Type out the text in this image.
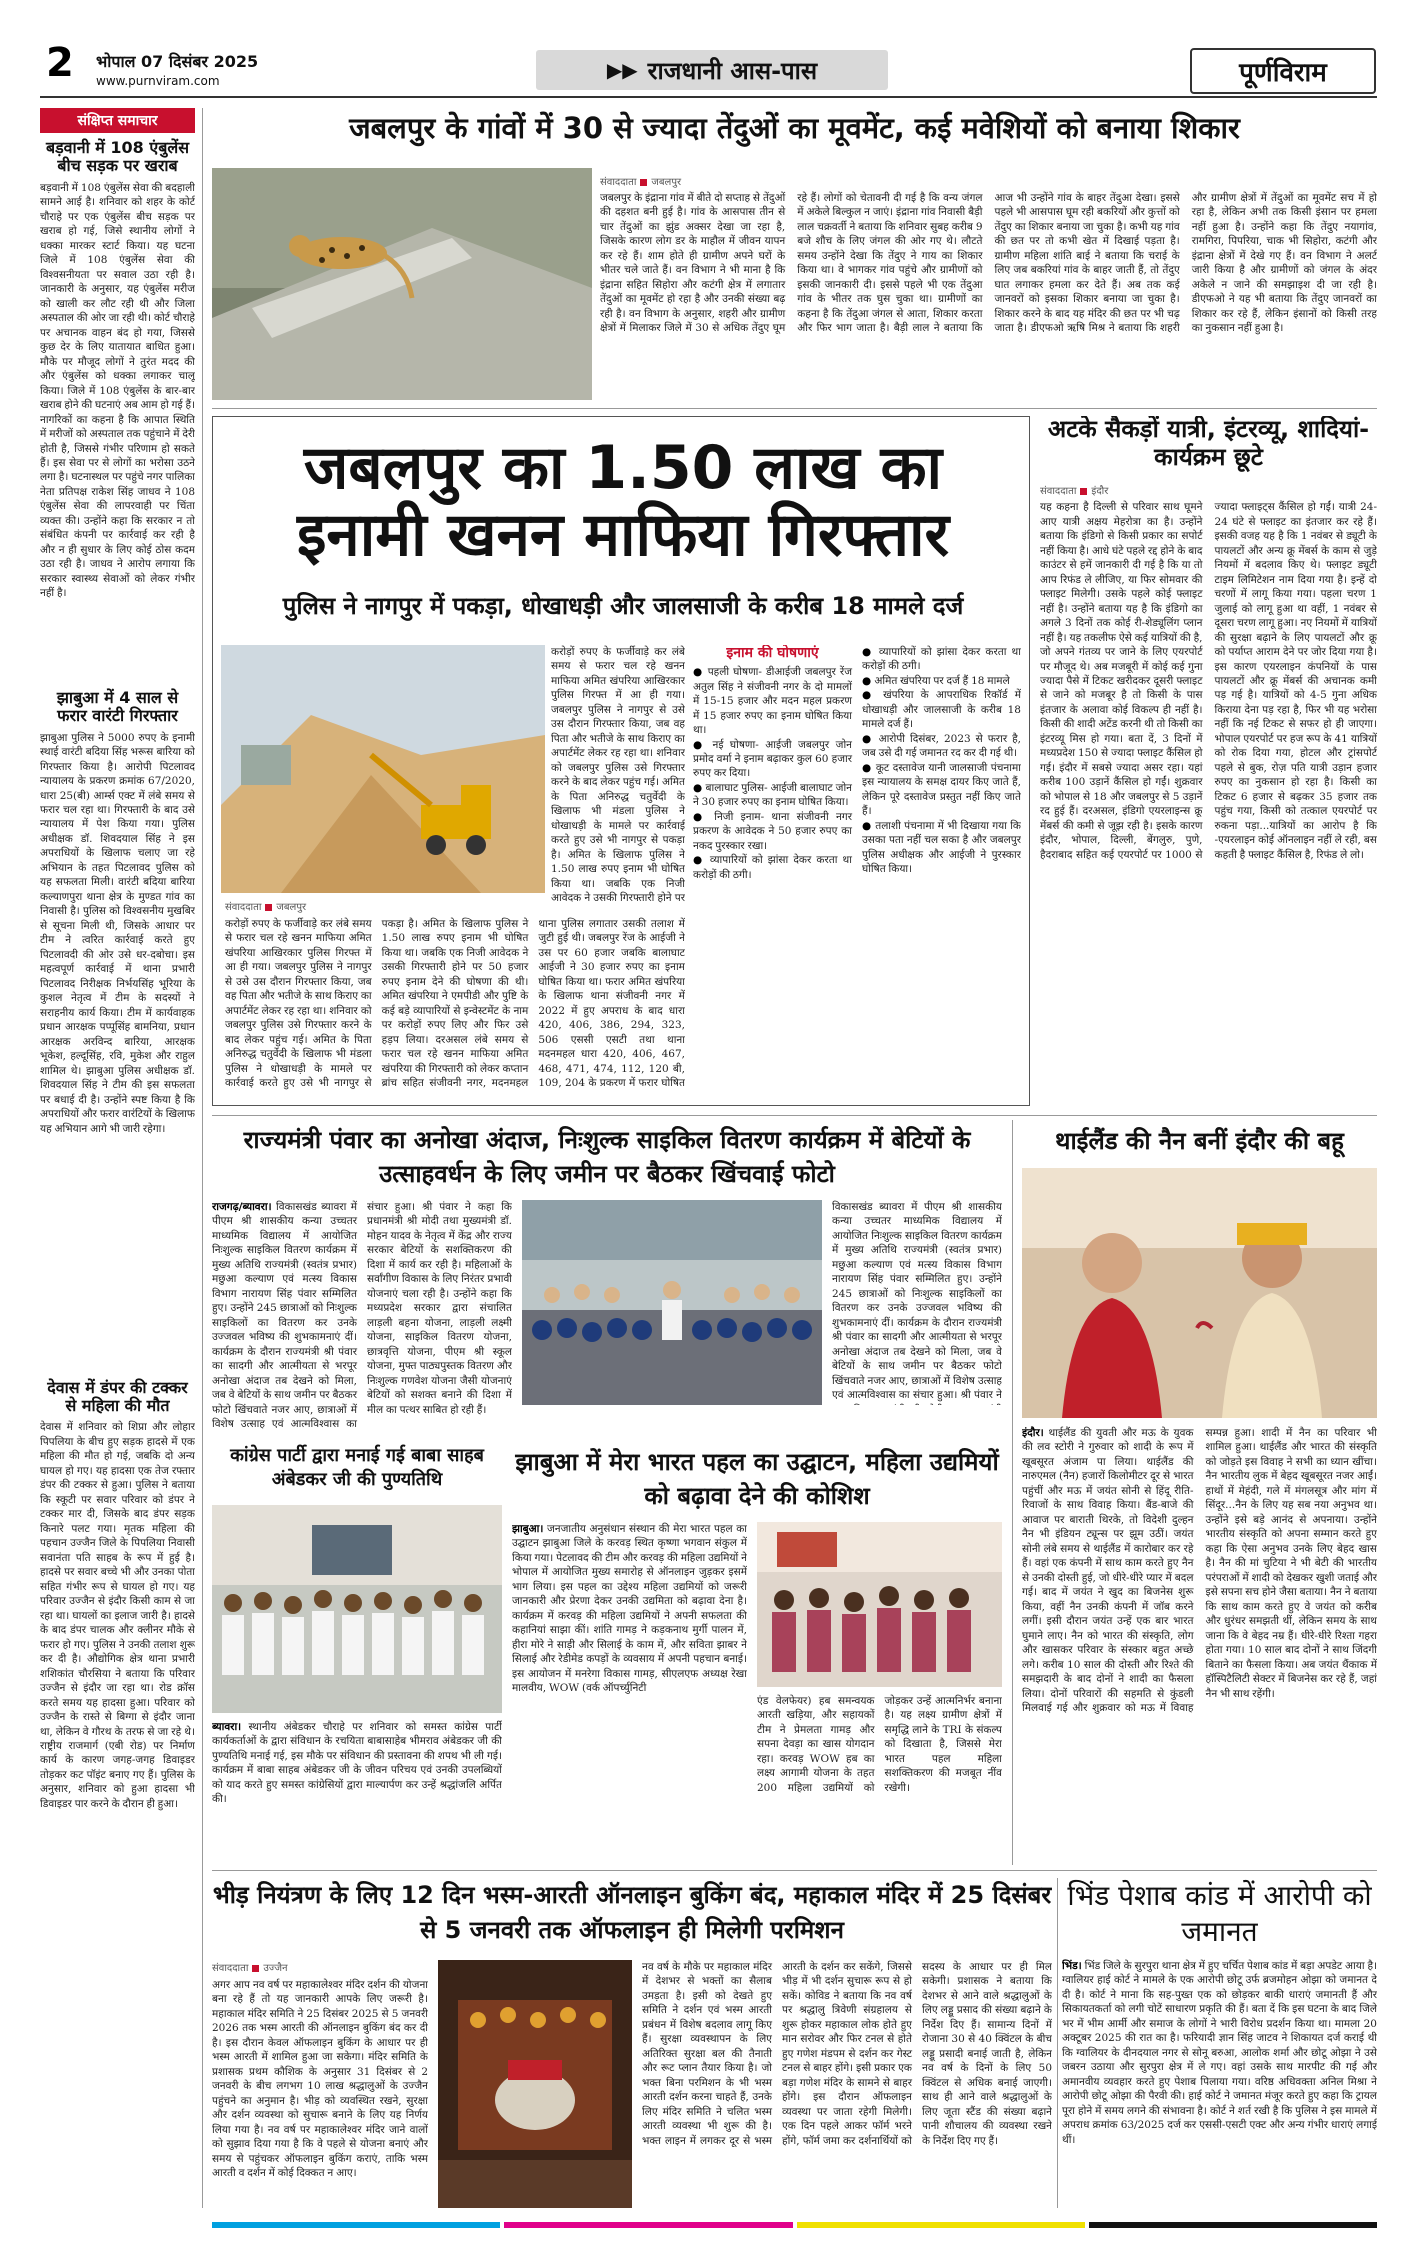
2 भोपाल 07 दिसंबर 2025
www.purnviram.com	▶▶ राजधानी आस-पास	पूर्णविराम
संक्षिप्त समाचार
बड़वानी में 108 एंबुलेंस बीच सड़क पर खराब
बड़वानी में 108 एंबुलेंस सेवा की बदहाली सामने आई है। शनिवार को शहर के कोर्ट चौराहे पर एक एंबुलेंस बीच सड़क पर खराब हो गई, जिसे स्थानीय लोगों ने धक्का मारकर स्टार्ट किया। यह घटना जिले में 108 एंबुलेंस सेवा की विश्वसनीयता पर सवाल उठा रही है। जानकारी के अनुसार, यह एंबुलेंस मरीज को खाली कर लौट रही थी और जिला अस्पताल की ओर जा रही थी। कोर्ट चौराहे पर अचानक वाहन बंद हो गया, जिससे कुछ देर के लिए यातायात बाधित हुआ। मौके पर मौजूद लोगों ने तुरंत मदद की और एंबुलेंस को धक्का लगाकर चालू किया। जिले में 108 एंबुलेंस के बार-बार खराब होने की घटनाएं अब आम हो गई हैं। नागरिकों का कहना है कि आपात स्थिति में मरीजों को अस्पताल तक पहुंचाने में देरी होती है, जिससे गंभीर परिणाम हो सकते हैं। इस सेवा पर से लोगों का भरोसा उठने लगा है। घटनास्थल पर पहुंचे नगर पालिका नेता प्रतिपक्ष राकेश सिंह जाधव ने 108 एंबुलेंस सेवा की लापरवाही पर चिंता व्यक्त की। उन्होंने कहा कि सरकार न तो संबंधित कंपनी पर कार्रवाई कर रही है और न ही सुधार के लिए कोई ठोस कदम उठा रही है। जाधव ने आरोप लगाया कि सरकार स्वास्थ्य सेवाओं को लेकर गंभीर नहीं है।
झाबुआ में 4 साल से फरार वारंटी गिरफ्तार
झाबुआ पुलिस ने 5000 रुपए के इनामी स्थाई वारंटी बदिया सिंह भरूस बारिया को गिरफ्तार किया है। आरोपी पिटलावद न्यायालय के प्रकरण क्रमांक 67/2020, धारा 25(बी) आर्म्स एक्ट में लंबे समय से फरार चल रहा था। गिरफ्तारी के बाद उसे न्यायालय में पेश किया गया। पुलिस अधीक्षक डॉ. शिवदयाल सिंह ने इस अपराधियों के खिलाफ चलाए जा रहे अभियान के तहत पिटलावद पुलिस को यह सफलता मिली। वारंटी बदिया बारिया कल्याणपुरा थाना क्षेत्र के मुण्डत गांव का निवासी है। पुलिस को विश्वसनीय मुखबिर से सूचना मिली थी, जिसके आधार पर टीम ने त्वरित कार्रवाई करते हुए पिटलावदी की ओर उसे धर-दबोचा। इस महत्वपूर्ण कार्रवाई में थाना प्रभारी पिटलावद निरीक्षक निर्भयसिंह भूरिया के कुशल नेतृत्व में टीम के सदस्यों ने सराहनीय कार्य किया। टीम में कार्यवाहक प्रधान आरक्षक पप्पूसिंह बामनिया, प्रधान आरक्षक अरविन्द बारिया, आरक्षक भूकेश, हल्दूसिंह, रवि, मुकेश और राहुल शामिल थे। झाबुआ पुलिस अधीक्षक डॉ. शिवदयाल सिंह ने टीम की इस सफलता पर बधाई दी है। उन्होंने स्पष्ट किया है कि अपराधियों और फरार वारंटियों के खिलाफ यह अभियान आगे भी जारी रहेगा।
देवास में डंपर की टक्कर से महिला की मौत
देवास में शनिवार को शिप्रा और लोहार पिपलिया के बीच हुए सड़क हादसे में एक महिला की मौत हो गई, जबकि दो अन्य घायल हो गए। यह हादसा एक तेज रफ्तार डंपर की टक्कर से हुआ। पुलिस ने बताया कि स्कूटी पर सवार परिवार को डंपर ने टक्कर मार दी, जिसके बाद डंपर सड़क किनारे पलट गया। मृतक महिला की पहचान उज्जैन जिले के पिपलिया निवासी सवानंता पति साहब के रूप में हुई है। हादसे पर सवार बच्चे भी और उनका पोता सहित गंभीर रूप से घायल हो गए। यह परिवार उज्जैन से इंदौर किसी काम से जा रहा था। घायलों का इलाज जारी है। हादसे के बाद डंपर चालक और क्लीनर मौके से फरार हो गए। पुलिस ने उनकी तलाश शुरू कर दी है। औद्योगिक क्षेत्र थाना प्रभारी शशिकांत चौरसिया ने बताया कि परिवार उज्जैन से इंदौर जा रहा था। रोड क्रॉस करते समय यह हादसा हुआ। परिवार को उज्जैन के रास्ते से बिग्गा से इंदौर जाना था, लेकिन वे गौरथ के तरफ से जा रहे थे। राष्ट्रीय राजमार्ग (एबी रोड) पर निर्माण कार्य के कारण जगह-जगह डिवाइडर तोड़कर कट पॉइंट बनाए गए हैं। पुलिस के अनुसार, शनिवार को हुआ हादसा भी डिवाइडर पार करने के दौरान ही हुआ।
जबलपुर के गांवों में 30 से ज्यादा तेंदुओं का मूवमेंट, कई मवेशियों को बनाया शिकार
संवाददाता जबलपुर
जबलपुर के इंद्राना गांव में बीते दो सप्ताह से तेंदुओं की दहशत बनी हुई है। गांव के आसपास तीन से चार तेंदुओं का झुंड अक्सर देखा जा रहा है, जिसके कारण लोग डर के माहौल में जीवन यापन कर रहे हैं। शाम होते ही ग्रामीण अपने घरों के भीतर चले जाते हैं। वन विभाग ने भी माना है कि इंद्राना सहित सिहोरा और कटंगी क्षेत्र में लगातार तेंदुओं का मूवमेंट हो रहा है और उनकी संख्या बढ़ रही है। वन विभाग के अनुसार, शहरी और ग्रामीण क्षेत्रों में मिलाकर जिले में 30 से अधिक तेंदुए घूम रहे हैं। लोगों को चेतावनी दी गई है कि वन्य जंगल में अकेले बिल्कुल न जाएं। इंद्राना गांव निवासी बैड़ी लाल चक्रवर्ती ने बताया कि शनिवार सुबह करीब 9 बजे शौच के लिए जंगल की ओर गए थे। लौटते समय उन्होंने देखा कि तेंदुए ने गाय का शिकार किया था। वे भागकर गांव पहुंचे और ग्रामीणों को इसकी जानकारी दी। इससे पहले भी एक तेंदुआ गांव के भीतर तक घुस चुका था। ग्रामीणों का कहना है कि तेंदुआ जंगल से आता, शिकार करता और फिर भाग जाता है। बैड़ी लाल ने बताया कि आज भी उन्होंने गांव के बाहर तेंदुआ देखा। इससे पहले भी आसपास घूम रही बकरियों और कुत्तों को तेंदुए का शिकार बनाया जा चुका है। कभी यह गांव की छत पर तो कभी खेत में दिखाई पड़ता है। ग्रामीण महिला शांति बाई ने बताया कि चराई के लिए जब बकरियां गांव के बाहर जाती हैं, तो तेंदुए घात लगाकर हमला कर देते हैं। अब तक कई जानवरों को इसका शिकार बनाया जा चुका है। शिकार करने के बाद यह मंदिर की छत पर भी चढ़ जाता है। डीएफओ ऋषि मिश्र ने बताया कि शहरी और ग्रामीण क्षेत्रों में तेंदुओं का मूवमेंट सच में हो रहा है, लेकिन अभी तक किसी इंसान पर हमला नहीं हुआ है। उन्होंने कहा कि तेंदुए नयागांव, रामगिरा, पिपरिया, चाक भी सिहोरा, कटंगी और इंद्राना क्षेत्रों में देखे गए हैं। वन विभाग ने अलर्ट जारी किया है और ग्रामीणों को जंगल के अंदर अकेले न जाने की समझाइश दी जा रही है। डीएफओ ने यह भी बताया कि तेंदुए जानवरों का शिकार कर रहे हैं, लेकिन इंसानों को किसी तरह का नुकसान नहीं हुआ है।
जबलपुर का 1.50 लाख का इनामी खनन माफिया गिरफ्तार
पुलिस ने नागपुर में पकड़ा, धोखाधड़ी और जालसाजी के करीब 18 मामले दर्ज
संवाददाता जबलपुर
करोड़ों रुपए के फर्जीवाड़े कर लंबे समय से फरार चल रहे खनन माफिया अमित खंपरिया आखिरकार पुलिस गिरफ्त में आ ही गया। जबलपुर पुलिस ने नागपुर से उसे उस दौरान गिरफ्तार किया, जब वह पिता और भतीजे के साथ किराए का अपार्टमेंट लेकर रह रहा था। शनिवार को जबलपुर पुलिस उसे गिरफ्तार करने के बाद लेकर पहुंच गई। अमित के पिता अनिरुद्ध चतुर्वेदी के खिलाफ भी मंडला पुलिस ने धोखाधड़ी के मामले पर कार्रवाई करते हुए उसे भी नागपुर से पकड़ा है। अमित के खिलाफ पुलिस ने 1.50 लाख रुपए इनाम भी घोषित किया था। जबकि एक निजी आवेदक ने उसकी गिरफ्तारी होने पर 50 हजार रुपए इनाम देने की घोषणा की थी। अमित खंपरिया ने एमपीडी और पुष्टि के कई बड़े व्यापारियों से इन्वेस्टमेंट के नाम पर करोड़ों रुपए लिए और फिर उसे हड़प लिया। दरअसल लंबे समय से फरार चल रहे खनन माफिया अमित खंपरिया की गिरफ्तारी को लेकर कप्तान ब्रांच सहित संजीवनी नगर, मदनमहल थाना पुलिस लगातार उसकी तलाश में जुटी हुई थी। जबलपुर रेंज के आईजी ने उस पर 60 हजार जबकि बालाघाट आईजी ने 30 हजार रुपए का इनाम घोषित किया था। फरार अमित खंपरिया के खिलाफ थाना संजीवनी नगर में 2022 में हुए अपराध के बाद धारा 420, 406, 386, 294, 323, 506 एससी एसटी तथा थाना मदनमहल धारा 420, 406, 467, 468, 471, 474, 112, 120 बी, 109, 204 के प्रकरण में फरार घोषित
करोड़ों रुपए के फर्जीवाड़े कर लंबे समय से फरार चल रहे खनन माफिया अमित खंपरिया आखिरकार पुलिस गिरफ्त में आ ही गया। जबलपुर पुलिस ने नागपुर से उसे उस दौरान गिरफ्तार किया, जब वह पिता और भतीजे के साथ किराए का अपार्टमेंट लेकर रह रहा था। शनिवार को जबलपुर पुलिस उसे गिरफ्तार करने के बाद लेकर पहुंच गई। अमित के पिता अनिरुद्ध चतुर्वेदी के खिलाफ भी मंडला पुलिस ने धोखाधड़ी के मामले पर कार्रवाई करते हुए उसे भी नागपुर से पकड़ा है। अमित के खिलाफ पुलिस ने 1.50 लाख रुपए इनाम भी घोषित किया था। जबकि एक निजी आवेदक ने उसकी गिरफ्तारी होने पर
इनाम की घोषणाएं
● पहली घोषणा- डीआईजी जबलपुर रेंज अतुल सिंह ने संजीवनी नगर के दो मामलों में 15-15 हजार और मदन महल प्रकरण में 15 हजार रुपए का इनाम घोषित किया था।
● नई घोषणा- आईजी जबलपुर जोन प्रमोद वर्मा ने इनाम बढ़ाकर कुल 60 हजार रुपए कर दिया।
● बालाघाट पुलिस- आईजी बालाघाट जोन ने 30 हजार रुपए का इनाम घोषित किया।
● निजी इनाम- थाना संजीवनी नगर प्रकरण के आवेदक ने 50 हजार रुपए का नकद पुरस्कार रखा।
● व्यापारियों को झांसा देकर करता था करोड़ों की ठगी।
● व्यापारियों को झांसा देकर करता था करोड़ों की ठगी।
● अमित खंपरिया पर दर्ज हैं 18 मामले
● खंपरिया के आपराधिक रिकॉर्ड में धोखाधड़ी और जालसाजी के करीब 18 मामले दर्ज हैं।
● आरोपी दिसंबर, 2023 से फरार है, जब उसे दी गई जमानत रद कर दी गई थी।
● कूट दस्तावेज यानी जालसाजी पंचनामा इस न्यायालय के समक्ष दायर किए जाते हैं, लेकिन पूरे दस्तावेज प्रस्तुत नहीं किए जाते हैं।
● तलाशी पंचनामा में भी दिखाया गया कि उसका पता नहीं चल सका है और जबलपुर पुलिस अधीक्षक और आईजी ने पुरस्कार घोषित किया।
अटके सैकड़ों यात्री, इंटरव्यू, शादियां-कार्यक्रम छूटे
संवाददाता इंदौर
यह कहना है दिल्ली से परिवार साथ घूमने आए यात्री अक्षय मेहरोत्रा का है। उन्होंने बताया कि इंडिगो से किसी प्रकार का सपोर्ट नहीं किया है। आधे घंटे पहले रद्द होने के बाद काउंटर से हमें जानकारी दी गई है कि या तो आप रिफंड ले लीजिए, या फिर सोमवार की फ्लाइट मिलेगी। उसके पहले कोई फ्लाइट नहीं है। उन्होंने बताया यह है कि इंडिगो का अगले 3 दिनों तक कोई री-शेड्यूलिंग प्लान नहीं है। यह तकलीफ ऐसे कई यात्रियों की है, जो अपने गंतव्य पर जाने के लिए एयरपोर्ट पर मौजूद थे। अब मजबूरी में कोई कई गुना ज्यादा पैसे में टिकट खरीदकर दूसरी फ्लाइट से जाने को मजबूर है तो किसी के पास इंतजार के अलावा कोई विकल्प ही नहीं है। किसी की शादी अटेंड करनी थी तो किसी का इंटरव्यू मिस हो गया। बता दें, 3 दिनों में मध्यप्रदेश 150 से ज्यादा फ्लाइट कैंसिल हो गई। इंदौर में सबसे ज्यादा असर रहा। यहां करीब 100 उड़ानें कैंसिल हो गईं। शुक्रवार को भोपाल से 18 और जबलपुर से 5 उड़ानें रद हुई हैं। दरअसल, इंडिगो एयरलाइन्स क्रू मेंबर्स की कमी से जूझ रही है। इसके कारण इंदौर, भोपाल, दिल्ली, बेंगलुरु, पुणे, हैदराबाद सहित कई एयरपोर्ट पर 1000 से ज्यादा फ्लाइट्स कैंसिल हो गईं। यात्री 24-24 घंटे से फ्लाइट का इंतजार कर रहे हैं। इसकी वजह यह है कि 1 नवंबर से ड्यूटी के पायलटों और अन्य क्रू मेंबर्स के काम से जुड़े नियमों में बदलाव किए थे। फ्लाइट ड्यूटी टाइम लिमिटेशन नाम दिया गया है। इन्हें दो चरणों में लागू किया गया। पहला चरण 1 जुलाई को लागू हुआ था वहीं, 1 नवंबर से दूसरा चरण लागू हुआ। नए नियमों में यात्रियों की सुरक्षा बढ़ाने के लिए पायलटों और क्रू को पर्याप्त आराम देने पर जोर दिया गया है। इस कारण एयरलाइन कंपनियों के पास पायलटों और क्रू मेंबर्स की अचानक कमी पड़ गई है। यात्रियों को 4-5 गुना अधिक किराया देना पड़ रहा है, फिर भी यह भरोसा नहीं कि नई टिकट से सफर हो ही जाएगा। भोपाल एयरपोर्ट पर हज रूप के 41 यात्रियों को रोक दिया गया, होटल और ट्रांसपोर्ट पहले से बुक, रोज़ पति यात्री उड़ान हजार रुपए का नुकसान हो रहा है। किसी का टिकट 6 हजार से बढ़कर 35 हजार तक पहुंच गया, किसी को तत्काल एयरपोर्ट पर रुकना पड़ा...यात्रियों का आरोप है कि -एयरलाइन कोई ऑनलाइन नहीं ले रही, बस कहती है फ्लाइट कैंसिल है, रिफंड ले लो।
राज्यमंत्री पंवार का अनोखा अंदाज, निःशुल्क साइकिल वितरण कार्यक्रम में बेटियों के उत्साहवर्धन के लिए जमीन पर बैठकर खिंचवाई फोटो
राजगढ़/ब्यावरा। विकासखंड ब्यावरा में पीएम श्री शासकीय कन्या उच्चतर माध्यमिक विद्यालय में आयोजित निःशुल्क साइकिल वितरण कार्यक्रम में मुख्य अतिथि राज्यमंत्री (स्वतंत्र प्रभार) मछुआ कल्याण एवं मत्स्य विकास विभाग नारायण सिंह पंवार सम्मिलित हुए। उन्होंने 245 छात्राओं को निःशुल्क साइकिलों का वितरण कर उनके उज्जवल भविष्य की शुभकामनाएं दीं। कार्यक्रम के दौरान राज्यमंत्री श्री पंवार का सादगी और आत्मीयता से भरपूर अनोखा अंदाज तब देखने को मिला, जब वे बेटियों के साथ जमीन पर बैठकर फोटो खिंचवाते नजर आए, छात्राओं में विशेष उत्साह एवं आत्मविश्वास का संचार हुआ। श्री पंवार ने कहा कि प्रधानमंत्री श्री मोदी तथा मुख्यमंत्री डॉ. मोहन यादव के नेतृत्व में केंद्र और राज्य सरकार बेटियों के सशक्तिकरण की दिशा में कार्य कर रही है। महिलाओं के सर्वांगीण विकास के लिए निरंतर प्रभावी योजनाएं चला रही है। उन्होंने कहा कि मध्यप्रदेश सरकार द्वारा संचालित लाड़ली बहना योजना, लाड़ली लक्ष्मी योजना, साइकिल वितरण योजना, छात्रवृत्ति योजना, पीएम श्री स्कूल योजना, मुफ्त पाठ्यपुस्तक वितरण और निःशुल्क गणवेश योजना जैसी योजनाएं बेटियों को सशक्त बनाने की दिशा में मील का पत्थर साबित हो रही हैं।
विकासखंड ब्यावरा में पीएम श्री शासकीय कन्या उच्चतर माध्यमिक विद्यालय में आयोजित निःशुल्क साइकिल वितरण कार्यक्रम में मुख्य अतिथि राज्यमंत्री (स्वतंत्र प्रभार) मछुआ कल्याण एवं मत्स्य विकास विभाग नारायण सिंह पंवार सम्मिलित हुए। उन्होंने 245 छात्राओं को निःशुल्क साइकिलों का वितरण कर उनके उज्जवल भविष्य की शुभकामनाएं दीं। कार्यक्रम के दौरान राज्यमंत्री श्री पंवार का सादगी और आत्मीयता से भरपूर अनोखा अंदाज तब देखने को मिला, जब वे बेटियों के साथ जमीन पर बैठकर फोटो खिंचवाते नजर आए, छात्राओं में विशेष उत्साह एवं आत्मविश्वास का संचार हुआ। श्री पंवार ने
कांग्रेस पार्टी द्वारा मनाई गई बाबा साहब अंबेडकर जी की पुण्यतिथि
ब्यावरा। स्थानीय अंबेडकर चौराहे पर शनिवार को समस्त कांग्रेस पार्टी कार्यकर्ताओं के द्वारा संविधान के रचयिता बाबासाहेब भीमराव अंबेडकर जी की पुण्यतिथि मनाई गई, इस मौके पर संविधान की प्रस्तावना की शपथ भी ली गई। कार्यक्रम में बाबा साहब अंबेडकर जी के जीवन परिचय एवं उनकी उपलब्धियों को याद करते हुए समस्त कांग्रेसियों द्वारा माल्यार्पण कर उन्हें श्रद्धांजलि अर्पित की।
झाबुआ में मेरा भारत पहल का उद्घाटन, महिला उद्यमियों को बढ़ावा देने की कोशिश
झाबुआ। जनजातीय अनुसंधान संस्थान की मेरा भारत पहल का उद्घाटन झाबुआ जिले के करवड़ स्थित कृष्णा भगवान संकुल में किया गया। पेटलावद की टीम और करवड़ की महिला उद्यमियों ने भोपाल में आयोजित मुख्य समारोह से ऑनलाइन जुड़कर इसमें भाग लिया। इस पहल का उद्देश्य महिला उद्यमियों को जरूरी जानकारी और प्रेरणा देकर उनकी उद्यमिता को बढ़ावा देना है। कार्यक्रम में करवड़ की महिला उद्यमियों ने अपनी सफलता की कहानियां साझा कीं। शांति गामड़ ने कड़कनाथ मुर्गी पालन में, हीरा मोरे ने साड़ी और सिलाई के काम में, और सविता झाबर ने सिलाई और रेडीमेड कपड़ों के व्यवसाय में अपनी पहचान बनाई। इस आयोजन में मनरेगा विकास गामड़, सीएलएफ अध्यक्ष रेखा मालवीय, WOW (वर्क ऑपर्च्युनिटी
एंड वेलफेयर) हब समन्वयक आरती खड़िया, और सहायकों टीम ने प्रेमलता गामड़ और सपना देवड़ा का खास योगदान रहा। करवड़ WOW हब का लक्ष्य आगामी योजना के तहत 200 महिला उद्यमियों को जोड़कर उन्हें आत्मनिर्भर बनाना है। यह लक्ष्य ग्रामीण क्षेत्रों में समृद्धि लाने के TRI के संकल्प को दिखाता है, जिससे मेरा भारत पहल महिला सशक्तिकरण की मजबूत नींव रखेगी।
थाईलैंड की नैन बनीं इंदौर की बहू
इंदौर। थाईलैंड की युवती और मऊ के युवक की लव स्टोरी ने गुरुवार को शादी के रूप में खूबसूरत अंजाम पा लिया। थाईलैंड की नारुएमल (नैन) हजारों किलोमीटर दूर से भारत पहुंचीं और मऊ में जयंत सोनी से हिंदू रीति-रिवाजों के साथ विवाह किया। बैंड-बाजे की आवाज पर बाराती थिरके, तो विदेशी दुल्हन नैन भी इंडियन ट्यून्स पर झूम उठीं। जयंत सोनी लंबे समय से थाईलैंड में कारोबार कर रहे हैं। वहां एक कंपनी में साथ काम करते हुए नैन से उनकी दोस्ती हुई, जो धीरे-धीरे प्यार में बदल गई। बाद में जयंत ने खुद का बिजनेस शुरू किया, वहीं नैन उनकी कंपनी में जॉब करने लगीं। इसी दौरान जयंत उन्हें एक बार भारत घुमाने लाए। नैन को भारत की संस्कृति, लोग और खासकर परिवार के संस्कार बहुत अच्छे लगे। करीब 10 साल की दोस्ती और रिश्ते की समझदारी के बाद दोनों ने शादी का फैसला लिया। दोनों परिवारों की सहमति से कुंडली मिलवाई गई और शुक्रवार को मऊ में विवाह सम्पन्न हुआ। शादी में नैन का परिवार भी शामिल हुआ। थाईलैंड और भारत की संस्कृति को जोड़ते इस विवाह ने सभी का ध्यान खींचा। नैन भारतीय लुक में बेहद खूबसूरत नजर आईं। हाथों में मेहंदी, गले में मंगलसूत्र और मांग में सिंदूर...नैन के लिए यह सब नया अनुभव था। उन्होंने इसे बड़े आनंद से अपनाया। उन्होंने भारतीय संस्कृति को अपना सम्मान करते हुए कहा कि ऐसा अनुभव उनके लिए बेहद खास है। नैन की मां चुटिया ने भी बेटी की भारतीय परंपराओं में शादी को देखकर खुशी जताई और इसे सपना सच होने जैसा बताया। नैन ने बताया कि साथ काम करते हुए वे जयंत को करीब और धुरंधर समझती थीं, लेकिन समय के साथ जाना कि वे बेहद नम्र हैं। धीरे-धीरे रिश्ता गहरा होता गया। 10 साल बाद दोनों ने साथ जिंदगी बिताने का फैसला किया। अब जयंत थैंकाक में हॉस्पिटैलिटी सेक्टर में बिजनेस कर रहे हैं, जहां नैन भी साथ रहेंगी।
भीड़ नियंत्रण के लिए 12 दिन भस्म-आरती ऑनलाइन बुकिंग बंद, महाकाल मंदिर में 25 दिसंबर से 5 जनवरी तक ऑफलाइन ही मिलेगी परमिशन
संवाददाता उज्जैन
अगर आप नव वर्ष पर महाकालेश्वर मंदिर दर्शन की योजना बना रहे हैं तो यह जानकारी आपके लिए जरूरी है। महाकाल मंदिर समिति ने 25 दिसंबर 2025 से 5 जनवरी 2026 तक भस्म आरती की ऑनलाइन बुकिंग बंद कर दी है। इस दौरान केवल ऑफलाइन बुकिंग के आधार पर ही भस्म आरती में शामिल हुआ जा सकेगा। मंदिर समिति के प्रशासक प्रथम कौशिक के अनुसार 31 दिसंबर से 2 जनवरी के बीच लगभग 10 लाख श्रद्धालुओं के उज्जैन पहुंचने का अनुमान है। भीड़ को व्यवस्थित रखने, सुरक्षा और दर्शन व्यवस्था को सुचारू बनाने के लिए यह निर्णय लिया गया है। नव वर्ष पर महाकालेश्वर मंदिर जाने वालों को सुझाव दिया गया है कि वे पहले से योजना बनाएं और समय से पहुंचकर ऑफलाइन बुकिंग कराएं, ताकि भस्म आरती व दर्शन में कोई दिक्कत न आए।
नव वर्ष के मौके पर महाकाल मंदिर में देशभर से भक्तों का सैलाब उमड़ता है। इसी को देखते हुए समिति ने दर्शन एवं भस्म आरती प्रबंधन में विशेष बदलाव लागू किए हैं। सुरक्षा व्यवस्थापन के लिए अतिरिक्त सुरक्षा बल की तैनाती और रूट प्लान तैयार किया है। जो भक्त बिना परमिशन के भी भस्म आरती दर्शन करना चाहते हैं, उनके लिए मंदिर समिति ने चलित भस्म आरती व्यवस्था भी शुरू की है। भक्त लाइन में लगकर दूर से भस्म आरती के दर्शन कर सकेंगे, जिससे भीड़ में भी दर्शन सुचारू रूप से हो सकें। कोविड ने बताया कि नव वर्ष पर श्रद्धालु त्रिवेणी संग्रहालय से शुरू होकर महाकाल लोक होते हुए मान सरोवर और फिर टनल से होते हुए गणेश मंडपम से दर्शन कर गेस्ट टनल से बाहर होंगे। इसी प्रकार एक बड़ा गणेश मंदिर के सामने से बाहर होंगे। इस दौरान ऑफलाइन व्यवस्था पर जाता रहेगी मिलेगी। एक दिन पहले आकर फॉर्म भरने होंगे, फॉर्म जमा कर दर्शनार्थियों को सदस्य के आधार पर ही मिल सकेगी। प्रशासक ने बताया कि देशभर से आने वाले श्रद्धालुओं के लिए लड्डू प्रसाद की संख्या बढ़ाने के निर्देश दिए हैं। सामान्य दिनों में रोजाना 30 से 40 क्विंटल के बीच लड्डू प्रसादी बनाई जाती है, लेकिन नव वर्ष के दिनों के लिए 50 क्विंटल से अधिक बनाई जाएगी। साथ ही आने वाले श्रद्धालुओं के लिए जूता स्टैंड की संख्या बढ़ाने पानी शौचालय की व्यवस्था रखने के निर्देश दिए गए हैं।
भिंड पेशाब कांड में आरोपी को जमानत
भिंड। भिंड जिले के सुरपुरा थाना क्षेत्र में हुए चर्चित पेशाब कांड में बड़ा अपडेट आया है। ग्वालियर हाई कोर्ट ने मामले के एक आरोपी छोटू उर्फ ब्रजमोहन ओझा को जमानत दे दी है। कोर्ट ने माना कि सह-पुख्त एक को छोड़कर बाकी धाराएं जमानती हैं और सिकायतकर्ता को लगी चोटें साधारण प्रकृति की हैं। बता दें कि इस घटना के बाद जिले भर में भीम आर्मी और समाज के लोगों ने भारी विरोध प्रदर्शन किया था। मामला 20 अक्टूबर 2025 की रात का है। फरियादी ज्ञान सिंह जाटव ने शिकायत दर्ज कराई थी कि ग्वालियर के दीनदयाल नगर से सोनू बरुआ, आलोक शर्मा और छोटू ओझा ने उसे जबरन उठाया और सुरपुरा क्षेत्र में ले गए। वहां उसके साथ मारपीट की गई और अमानवीय व्यवहार करते हुए पेशाब पिलाया गया। वरिष्ठ अधिवक्ता अनिल मिश्रा ने आरोपी छोटू ओझा की पैरवी की। हाई कोर्ट ने जमानत मंजूर करते हुए कहा कि ट्रायल पूरा होने में समय लगने की संभावना है। कोर्ट ने शर्त रखी है कि पुलिस ने इस मामले में अपराध क्रमांक 63/2025 दर्ज कर एससी-एसटी एक्ट और अन्य गंभीर धाराएं लगाई थीं।
